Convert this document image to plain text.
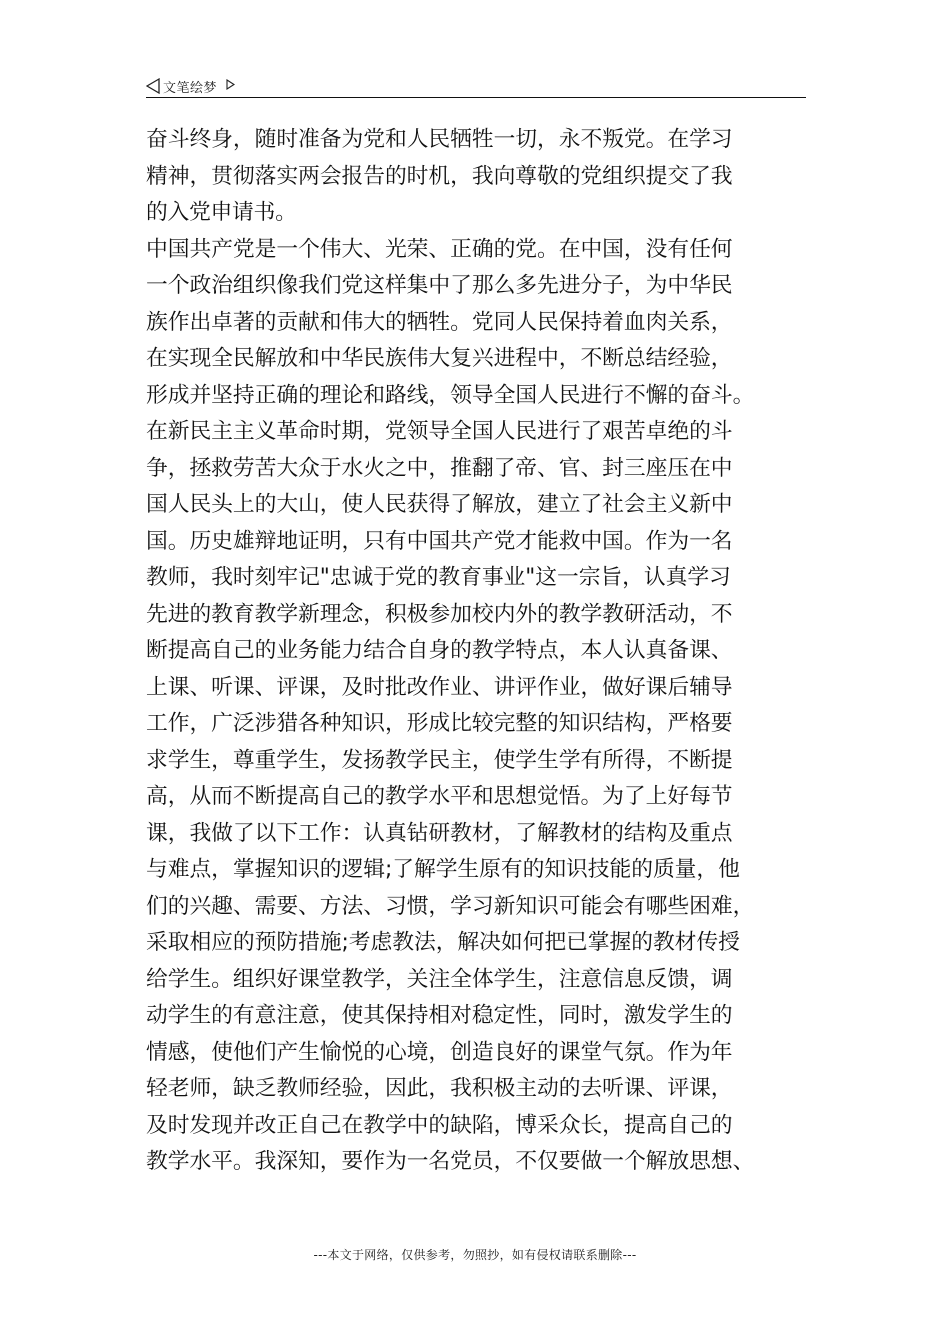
文笔绘梦
奋斗终身，随时准备为党和人民牺牲一切，永不叛党。在学习
精神，贯彻落实两会报告的时机，我向尊敬的党组织提交了我
的入党申请书。
中国共产党是一个伟大、光荣、正确的党。在中国，没有任何
一个政治组织像我们党这样集中了那么多先进分子，为中华民
族作出卓著的贡献和伟大的牺牲。党同人民保持着血肉关系，
在实现全民解放和中华民族伟大复兴进程中，不断总结经验，
形成并坚持正确的理论和路线，领导全国人民进行不懈的奋斗。
在新民主主义革命时期，党领导全国人民进行了艰苦卓绝的斗
争，拯救劳苦大众于水火之中，推翻了帝、官、封三座压在中
国人民头上的大山，使人民获得了解放，建立了社会主义新中
国。历史雄辩地证明，只有中国共产党才能救中国。作为一名
教师，我时刻牢记"忠诚于党的教育事业"这一宗旨，认真学习
先进的教育教学新理念，积极参加校内外的教学教研活动，不
断提高自己的业务能力结合自身的教学特点，本人认真备课、
上课、听课、评课，及时批改作业、讲评作业，做好课后辅导
工作，广泛涉猎各种知识，形成比较完整的知识结构，严格要
求学生，尊重学生，发扬教学民主，使学生学有所得，不断提
高，从而不断提高自己的教学水平和思想觉悟。为了上好每节
课，我做了以下工作：认真钻研教材，了解教材的结构及重点
与难点，掌握知识的逻辑;了解学生原有的知识技能的质量，他
们的兴趣、需要、方法、习惯，学习新知识可能会有哪些困难，
采取相应的预防措施;考虑教法，解决如何把已掌握的教材传授
给学生。组织好课堂教学，关注全体学生，注意信息反馈，调
动学生的有意注意，使其保持相对稳定性，同时，激发学生的
情感，使他们产生愉悦的心境，创造良好的课堂气氛。作为年
轻老师，缺乏教师经验，因此，我积极主动的去听课、评课，
及时发现并改正自己在教学中的缺陷，博采众长，提高自己的
教学水平。我深知，要作为一名党员，不仅要做一个解放思想、
---本文于网络，仅供参考，勿照抄，如有侵权请联系删除---
